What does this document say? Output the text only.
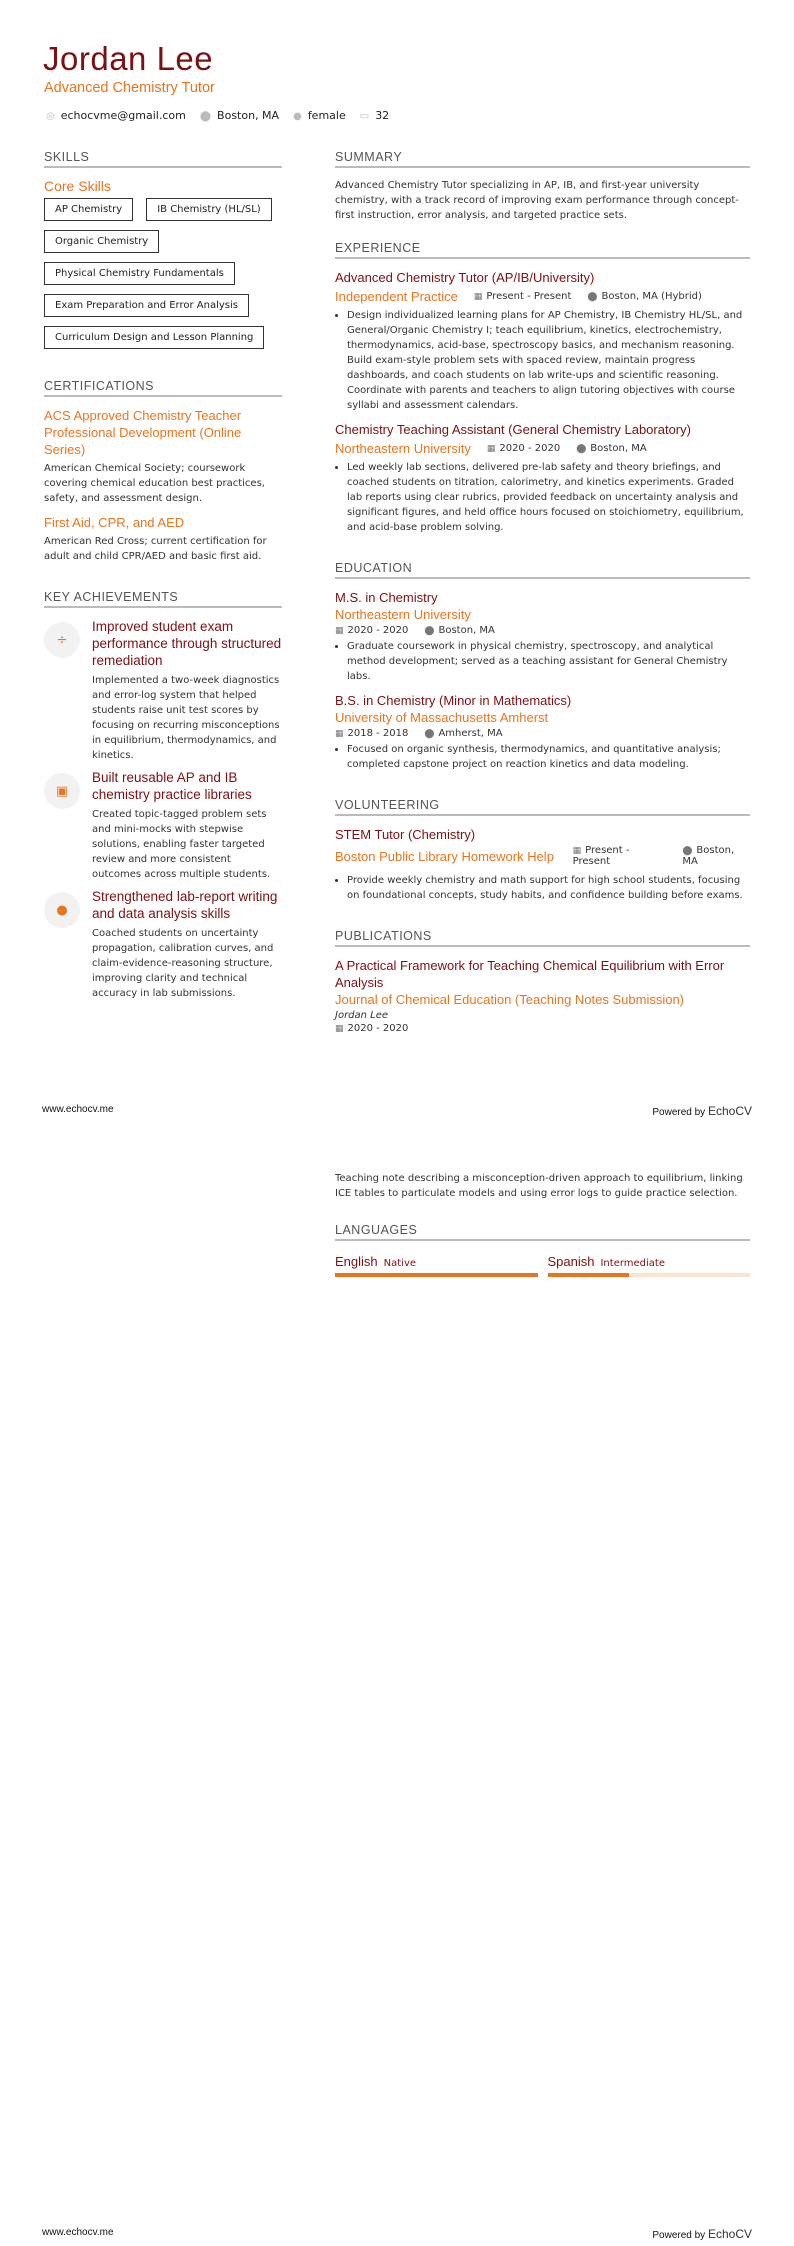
Jordan Lee
Advanced Chemistry Tutor
◎ echocvme@gmail.com ⬤ Boston, MA ● female ▭ 32
SKILLS
Core Skills
AP Chemistry	IB Chemistry (HL/SL)
Organic Chemistry
Physical Chemistry Fundamentals
Exam Preparation and Error Analysis
Curriculum Design and Lesson Planning
CERTIFICATIONS
ACS Approved Chemistry Teacher Professional Development (Online Series)
American Chemical Society; coursework covering chemical education best practices, safety, and assessment design.
First Aid, CPR, and AED
American Red Cross; current certification for adult and child CPR/AED and basic first aid.
KEY ACHIEVEMENTS
÷
Improved student exam performance through structured remediation

Implemented a two-week diagnostics and error-log system that helped students raise unit test scores by focusing on recurring misconceptions in equilibrium, thermodynamics, and kinetics.

▣
Built reusable AP and IB chemistry practice libraries

Created topic-tagged problem sets and mini-mocks with stepwise solutions, enabling faster targeted review and more consistent outcomes across multiple students.

●
Strengthened lab-report writing and data analysis skills

Coached students on uncertainty propagation, calibration curves, and claim-evidence-reasoning structure, improving clarity and technical accuracy in lab submissions.

SUMMARY
Advanced Chemistry Tutor specializing in AP, IB, and first-year university chemistry, with a track record of improving exam performance through concept-first instruction, error analysis, and targeted practice sets.
EXPERIENCE
Advanced Chemistry Tutor (AP/IB/University)
Independent Practice ▦ Present - Present ⬤ Boston, MA (Hybrid)
• Design individualized learning plans for AP Chemistry, IB Chemistry HL/SL, and General/Organic Chemistry I; teach equilibrium, kinetics, electrochemistry, thermodynamics, acid-base, spectroscopy basics, and mechanism reasoning. Build exam-style problem sets with spaced review, maintain progress dashboards, and coach students on lab write-ups and scientific reasoning. Coordinate with parents and teachers to align tutoring objectives with course syllabi and assessment calendars.
Chemistry Teaching Assistant (General Chemistry Laboratory)
Northeastern University ▦ 2020 - 2020 ⬤ Boston, MA
• Led weekly lab sections, delivered pre-lab safety and theory briefings, and coached students on titration, calorimetry, and kinetics experiments. Graded lab reports using clear rubrics, provided feedback on uncertainty analysis and significant figures, and held office hours focused on stoichiometry, equilibrium, and acid-base problem solving.
EDUCATION
M.S. in Chemistry
Northeastern University
▦ 2020 - 2020 ⬤ Boston, MA
• Graduate coursework in physical chemistry, spectroscopy, and analytical method development; served as a teaching assistant for General Chemistry labs.
B.S. in Chemistry (Minor in Mathematics)
University of Massachusetts Amherst
▦ 2018 - 2018 ⬤ Amherst, MA
• Focused on organic synthesis, thermodynamics, and quantitative analysis; completed capstone project on reaction kinetics and data modeling.
VOLUNTEERING
STEM Tutor (Chemistry)
Boston Public Library Homework Help	▦ Present - Present
⬤ Boston, MA
• Provide weekly chemistry and math support for high school students, focusing on foundational concepts, study habits, and confidence building before exams.
PUBLICATIONS
A Practical Framework for Teaching Chemical Equilibrium with Error Analysis
Journal of Chemical Education (Teaching Notes Submission)
Jordan Lee
▦ 2020 - 2020
www.echocv.me	Powered by EchoCV
Teaching note describing a misconception-driven approach to equilibrium, linking ICE tables to particulate models and using error logs to guide practice selection.
LANGUAGES
English Native	Spanish Intermediate
www.echocv.me	Powered by EchoCV
